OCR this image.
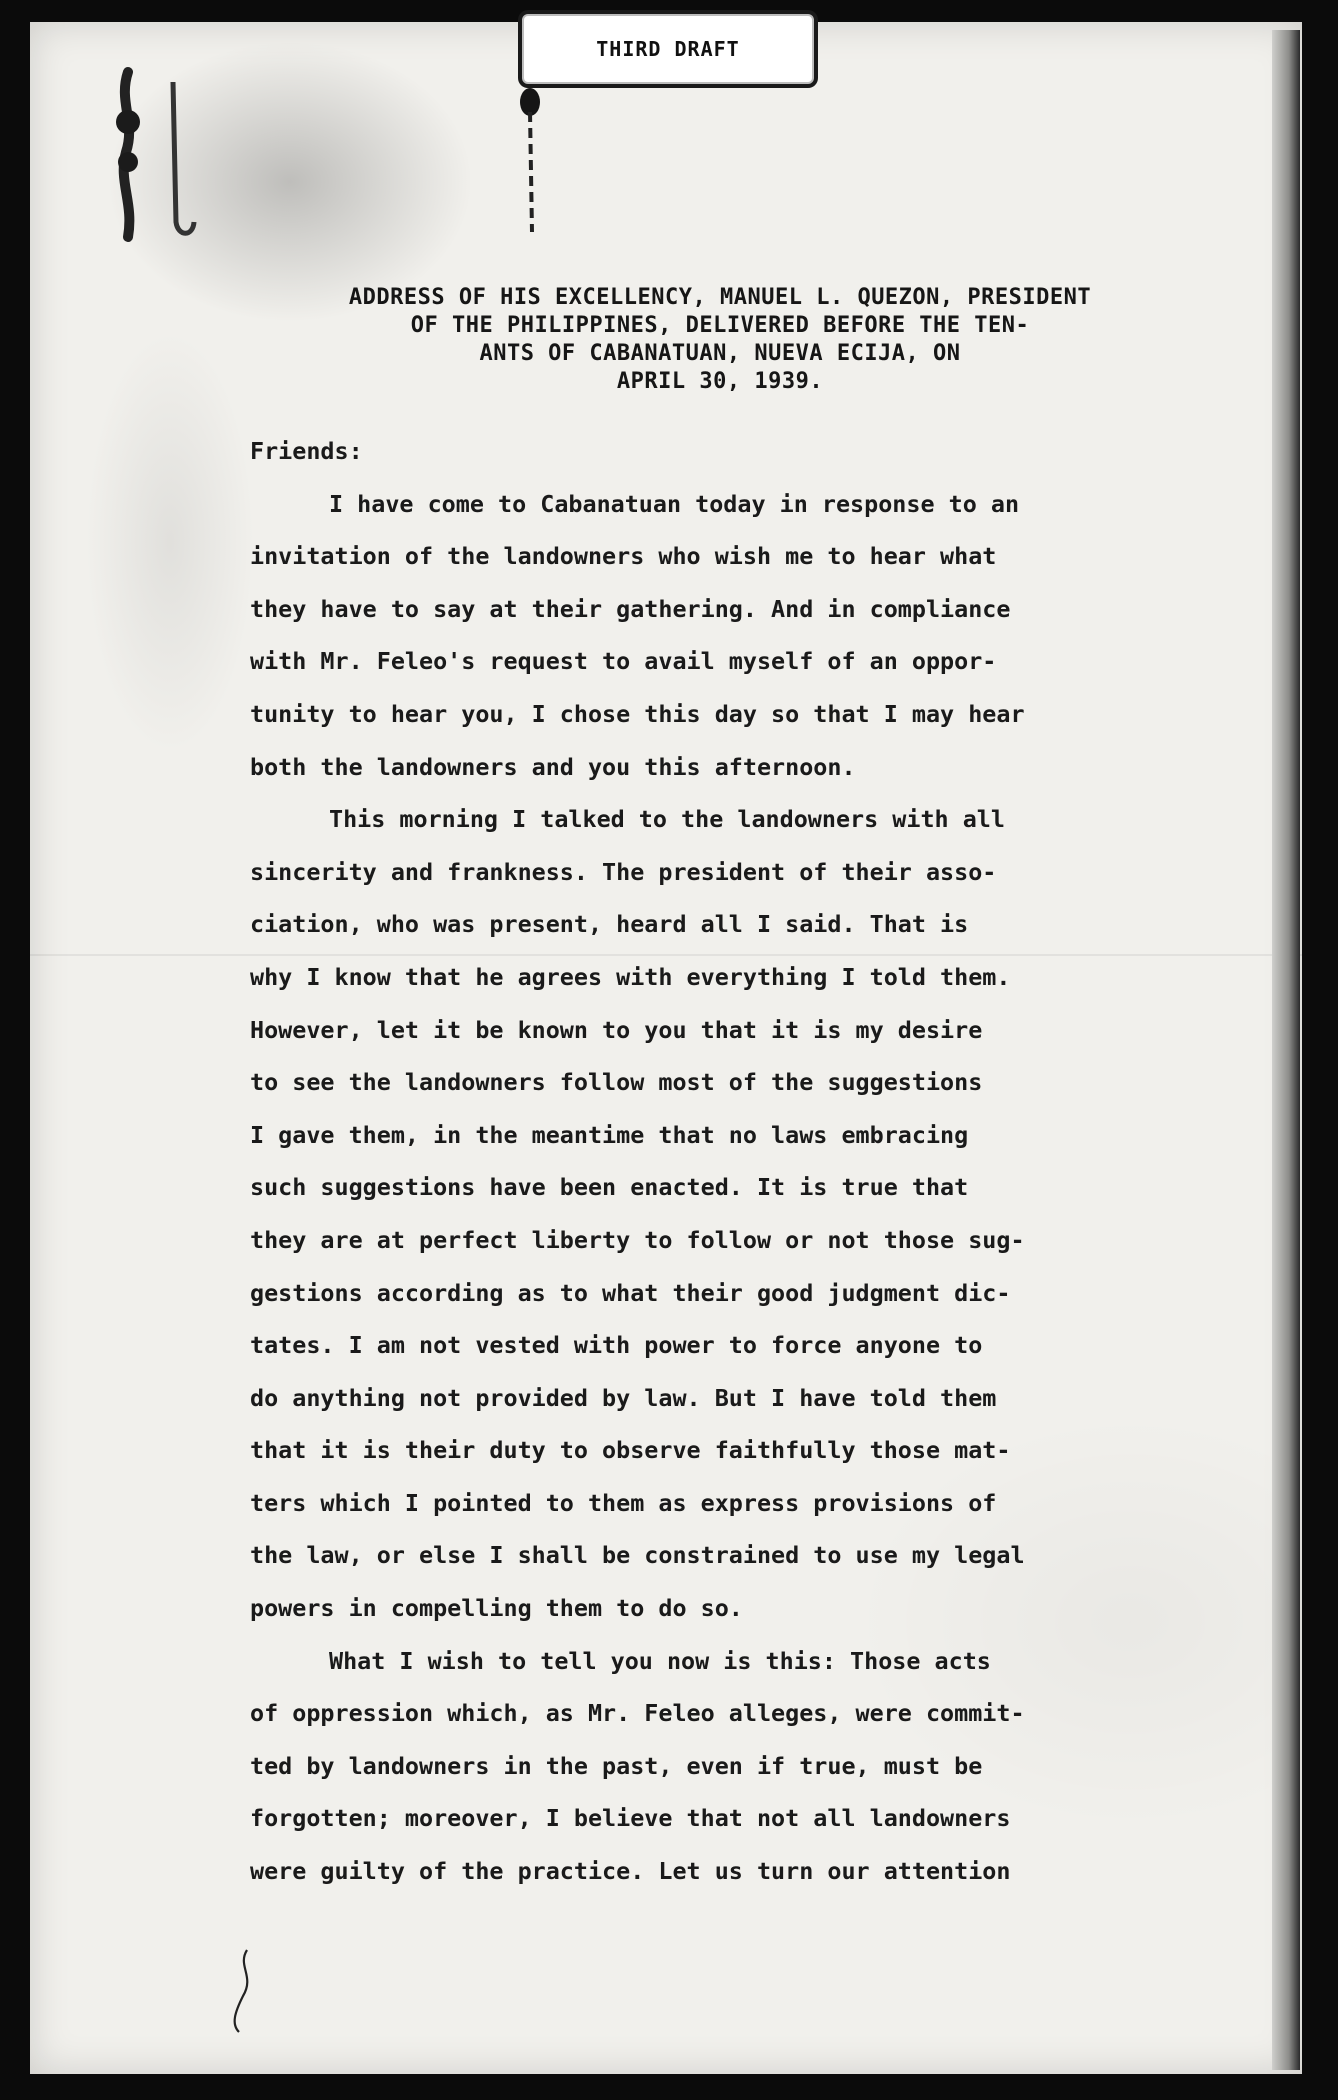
ADDRESS OF HIS EXCELLENCY, MANUEL L. QUEZON, PRESIDENT
OF THE PHILIPPINES, DELIVERED BEFORE THE TEN-
ANTS OF CABANATUAN, NUEVA ECIJA, ON
APRIL 30, 1939.
THIRD DRAFT
Friends:
I have come to Cabanatuan today in response to an
invitation of the landowners who wish me to hear what
they have to say at their gathering. And in compliance
with Mr. Feleo's request to avail myself of an oppor-
tunity to hear you, I chose this day so that I may hear
both the landowners and you this afternoon.
This morning I talked to the landowners with all
sincerity and frankness. The president of their asso-
ciation, who was present, heard all I said. That is
why I know that he agrees with everything I told them.
However, let it be known to you that it is my desire
to see the landowners follow most of the suggestions
I gave them, in the meantime that no laws embracing
such suggestions have been enacted. It is true that
they are at perfect liberty to follow or not those sug-
gestions according as to what their good judgment dic-
tates. I am not vested with power to force anyone to
do anything not provided by law. But I have told them
that it is their duty to observe faithfully those mat-
ters which I pointed to them as express provisions of
the law, or else I shall be constrained to use my legal
powers in compelling them to do so.
What I wish to tell you now is this: Those acts
of oppression which, as Mr. Feleo alleges, were commit-
ted by landowners in the past, even if true, must be
forgotten; moreover, I believe that not all landowners
were guilty of the practice. Let us turn our attention
